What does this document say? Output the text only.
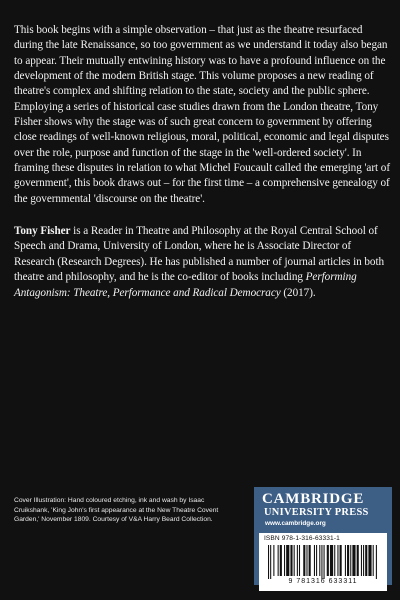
This book begins with a simple observation – that just as the theatre resurfaced during the late Renaissance, so too government as we understand it today also began to appear. Their mutually entwining history was to have a profound influence on the development of the modern British stage. This volume proposes a new reading of theatre's complex and shifting relation to the state, society and the public sphere. Employing a series of historical case studies drawn from the London theatre, Tony Fisher shows why the stage was of such great concern to government by offering close readings of well-known religious, moral, political, economic and legal disputes over the role, purpose and function of the stage in the 'well-ordered society'. In framing these disputes in relation to what Michel Foucault called the emerging 'art of government', this book draws out – for the first time – a comprehensive genealogy of the governmental 'discourse on the theatre'.

Tony Fisher is a Reader in Theatre and Philosophy at the Royal Central School of Speech and Drama, University of London, where he is Associate Director of Research (Research Degrees). He has published a number of journal articles in both theatre and philosophy, and he is the co-editor of books including Performing Antagonism: Theatre, Performance and Radical Democracy (2017).

Cover Illustration: Hand coloured etching, ink and wash by Isaac Cruikshank, 'King John's first appearance at the New Theatre Covent Garden,' November 1809. Courtesy of V&A Harry Beard Collection.
CAMBRIDGE
UNIVERSITY PRESS
www.cambridge.org
ISBN 978-1-316-63331-1
9 781316 633311
